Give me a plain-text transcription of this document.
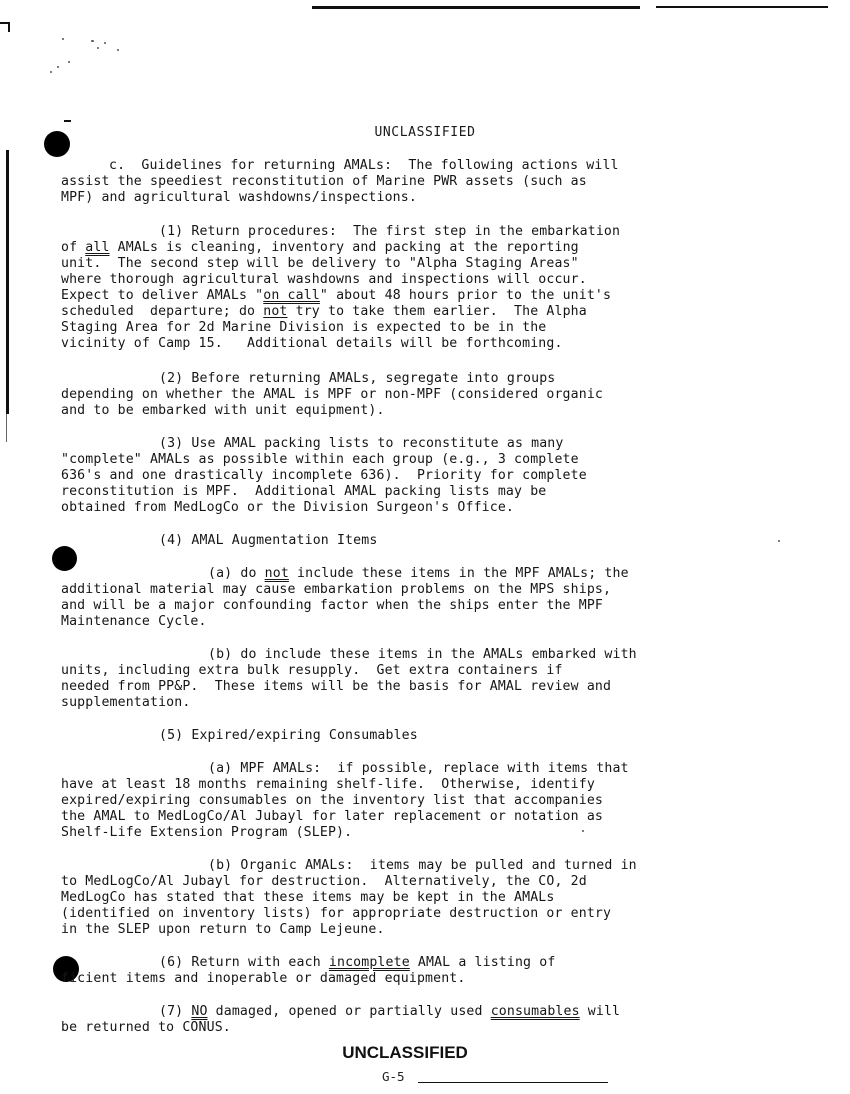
UNCLASSIFIED
c.  Guidelines for returning AMALs:  The following actions will
assist the speediest reconstitution of Marine PWR assets (such as
MPF) and agricultural washdowns/inspections.
(1) Return procedures:  The first step in the embarkation
of all AMALs is cleaning, inventory and packing at the reporting
unit.  The second step will be delivery to "Alpha Staging Areas"
where thorough agricultural washdowns and inspections will occur.
Expect to deliver AMALs "on call" about 48 hours prior to the unit's
scheduled  departure; do not try to take them earlier.  The Alpha
Staging Area for 2d Marine Division is expected to be in the
vicinity of Camp 15.   Additional details will be forthcoming.
(2) Before returning AMALs, segregate into groups
depending on whether the AMAL is MPF or non-MPF (considered organic
and to be embarked with unit equipment).
(3) Use AMAL packing lists to reconstitute as many
"complete" AMALs as possible within each group (e.g., 3 complete
636's and one drastically incomplete 636).  Priority for complete
reconstitution is MPF.  Additional AMAL packing lists may be
obtained from MedLogCo or the Division Surgeon's Office.
(4) AMAL Augmentation Items
(a) do not include these items in the MPF AMALs; the
additional material may cause embarkation problems on the MPS ships,
and will be a major confounding factor when the ships enter the MPF
Maintenance Cycle.
(b) do include these items in the AMALs embarked with
units, including extra bulk resupply.  Get extra containers if
needed from PP&P.  These items will be the basis for AMAL review and
supplementation.
(5) Expired/expiring Consumables
(a) MPF AMALs:  if possible, replace with items that
have at least 18 months remaining shelf-life.  Otherwise, identify
expired/expiring consumables on the inventory list that accompanies
the AMAL to MedLogCo/Al Jubayl for later replacement or notation as
Shelf-Life Extension Program (SLEP).
(b) Organic AMALs:  items may be pulled and turned in
to MedLogCo/Al Jubayl for destruction.  Alternatively, the CO, 2d
MedLogCo has stated that these items may be kept in the AMALs
(identified on inventory lists) for appropriate destruction or entry
in the SLEP upon return to Camp Lejeune.
(6) Return with each incomplete AMAL a listing of
ficient items and inoperable or damaged equipment.
(7) NO damaged, opened or partially used consumables will
be returned to CONUS.
UNCLASSIFIED
G-5
